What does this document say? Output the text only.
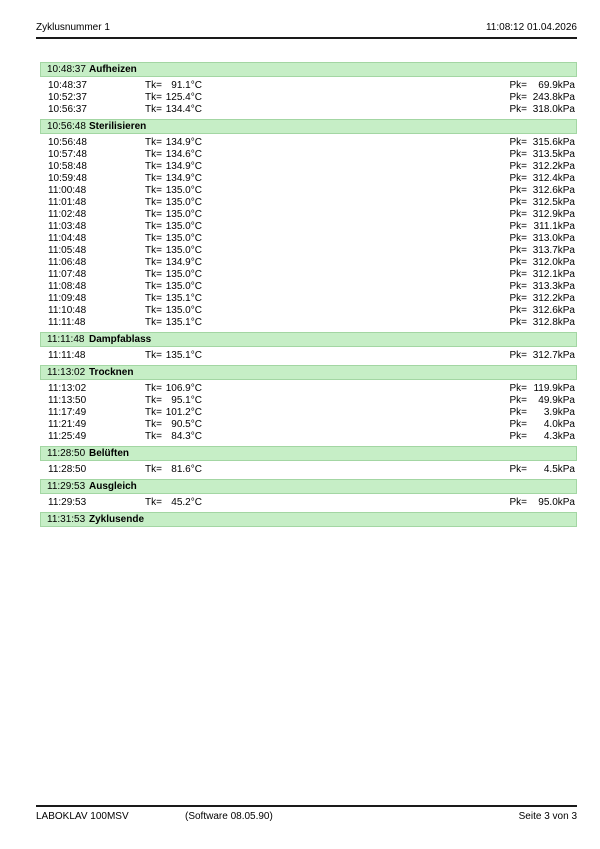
Zyklusnummer 1	11:08:12 01.04.2026
10:48:37 Aufheizen
10:48:37	Tk= 91.1°C	Pk=	69.9kPa
10:52:37	Tk= 125.4°C	Pk= 243.8kPa
10:56:37	Tk= 134.4°C	Pk= 318.0kPa
10:56:48 Sterilisieren
10:56:48	Tk= 134.9°C	Pk= 315.6kPa
10:57:48	Tk= 134.6°C	Pk= 313.5kPa
10:58:48	Tk= 134.9°C	Pk= 312.2kPa
10:59:48	Tk= 134.9°C	Pk= 312.4kPa
11:00:48	Tk= 135.0°C	Pk= 312.6kPa
11:01:48	Tk= 135.0°C	Pk= 312.5kPa
11:02:48	Tk= 135.0°C	Pk= 312.9kPa
11:03:48	Tk= 135.0°C	Pk= 311.1kPa
11:04:48	Tk= 135.0°C	Pk= 313.0kPa
11:05:48	Tk= 135.0°C	Pk= 313.7kPa
11:06:48	Tk= 134.9°C	Pk= 312.0kPa
11:07:48	Tk= 135.0°C	Pk= 312.1kPa
11:08:48	Tk= 135.0°C	Pk= 313.3kPa
11:09:48	Tk= 135.1°C	Pk= 312.2kPa
11:10:48	Tk= 135.0°C	Pk= 312.6kPa
11:11:48	Tk= 135.1°C	Pk= 312.8kPa
11:11:48 Dampfablass
11:11:48	Tk= 135.1°C	Pk= 312.7kPa
11:13:02 Trocknen
11:13:02	Tk= 106.9°C	Pk= 119.9kPa
11:13:50	Tk= 95.1°C	Pk=	49.9kPa
11:17:49	Tk= 101.2°C	Pk=	3.9kPa
11:21:49	Tk= 90.5°C	Pk=	4.0kPa
11:25:49	Tk= 84.3°C	Pk=	4.3kPa
11:28:50 Belüften
11:28:50	Tk= 81.6°C	Pk=	4.5kPa
11:29:53 Ausgleich
11:29:53	Tk= 45.2°C	Pk=	95.0kPa
11:31:53 Zyklusende
LABOKLAV 100MSV	(Software 08.05.90)	Seite 3 von 3
